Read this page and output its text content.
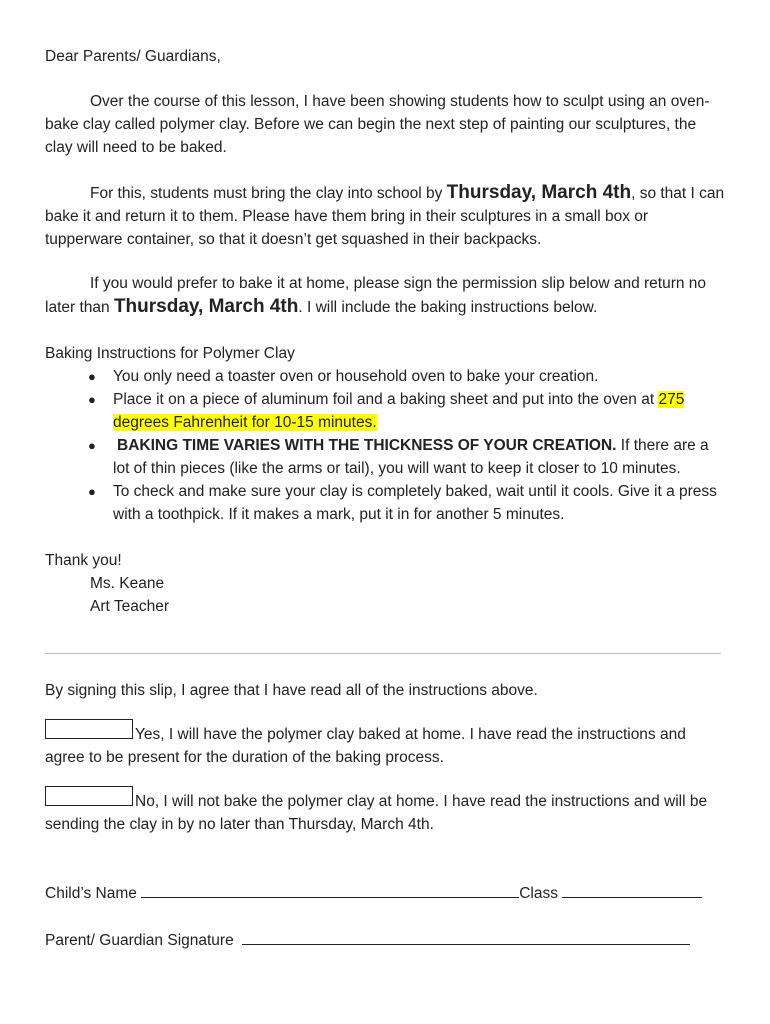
Dear Parents/ Guardians,

Over the course of this lesson, I have been showing students how to sculpt using an oven-bake clay called polymer clay. Before we can begin the next step of painting our sculptures, the clay will need to be baked.

For this, students must bring the clay into school by Thursday, March 4th, so that I can bake it and return it to them. Please have them bring in their sculptures in a small box or tupperware container, so that it doesn’t get squashed in their backpacks.

If you would prefer to bake it at home, please sign the permission slip below and return no later than Thursday, March 4th. I will include the baking instructions below.

Baking Instructions for Polymer Clay

● You only need a toaster oven or household oven to bake your creation.
● Place it on a piece of aluminum foil and a baking sheet and put into the oven at 275 degrees Fahrenheit for 10-15 minutes.
● BAKING TIME VARIES WITH THE THICKNESS OF YOUR CREATION. If there are a lot of thin pieces (like the arms or tail), you will want to keep it closer to 10 minutes.
● To check and make sure your clay is completely baked, wait until it cools. Give it a press with a toothpick. If it makes a mark, put it in for another 5 minutes.

Thank you!

Ms. Keane

Art Teacher

By signing this slip, I agree that I have read all of the instructions above.

Yes, I will have the polymer clay baked at home. I have read the instructions and agree to be present for the duration of the baking process.

No, I will not bake the polymer clay at home. I have read the instructions and will be sending the clay in by no later than Thursday, March 4th.

Child’s Name	Class

Parent/ Guardian Signature
